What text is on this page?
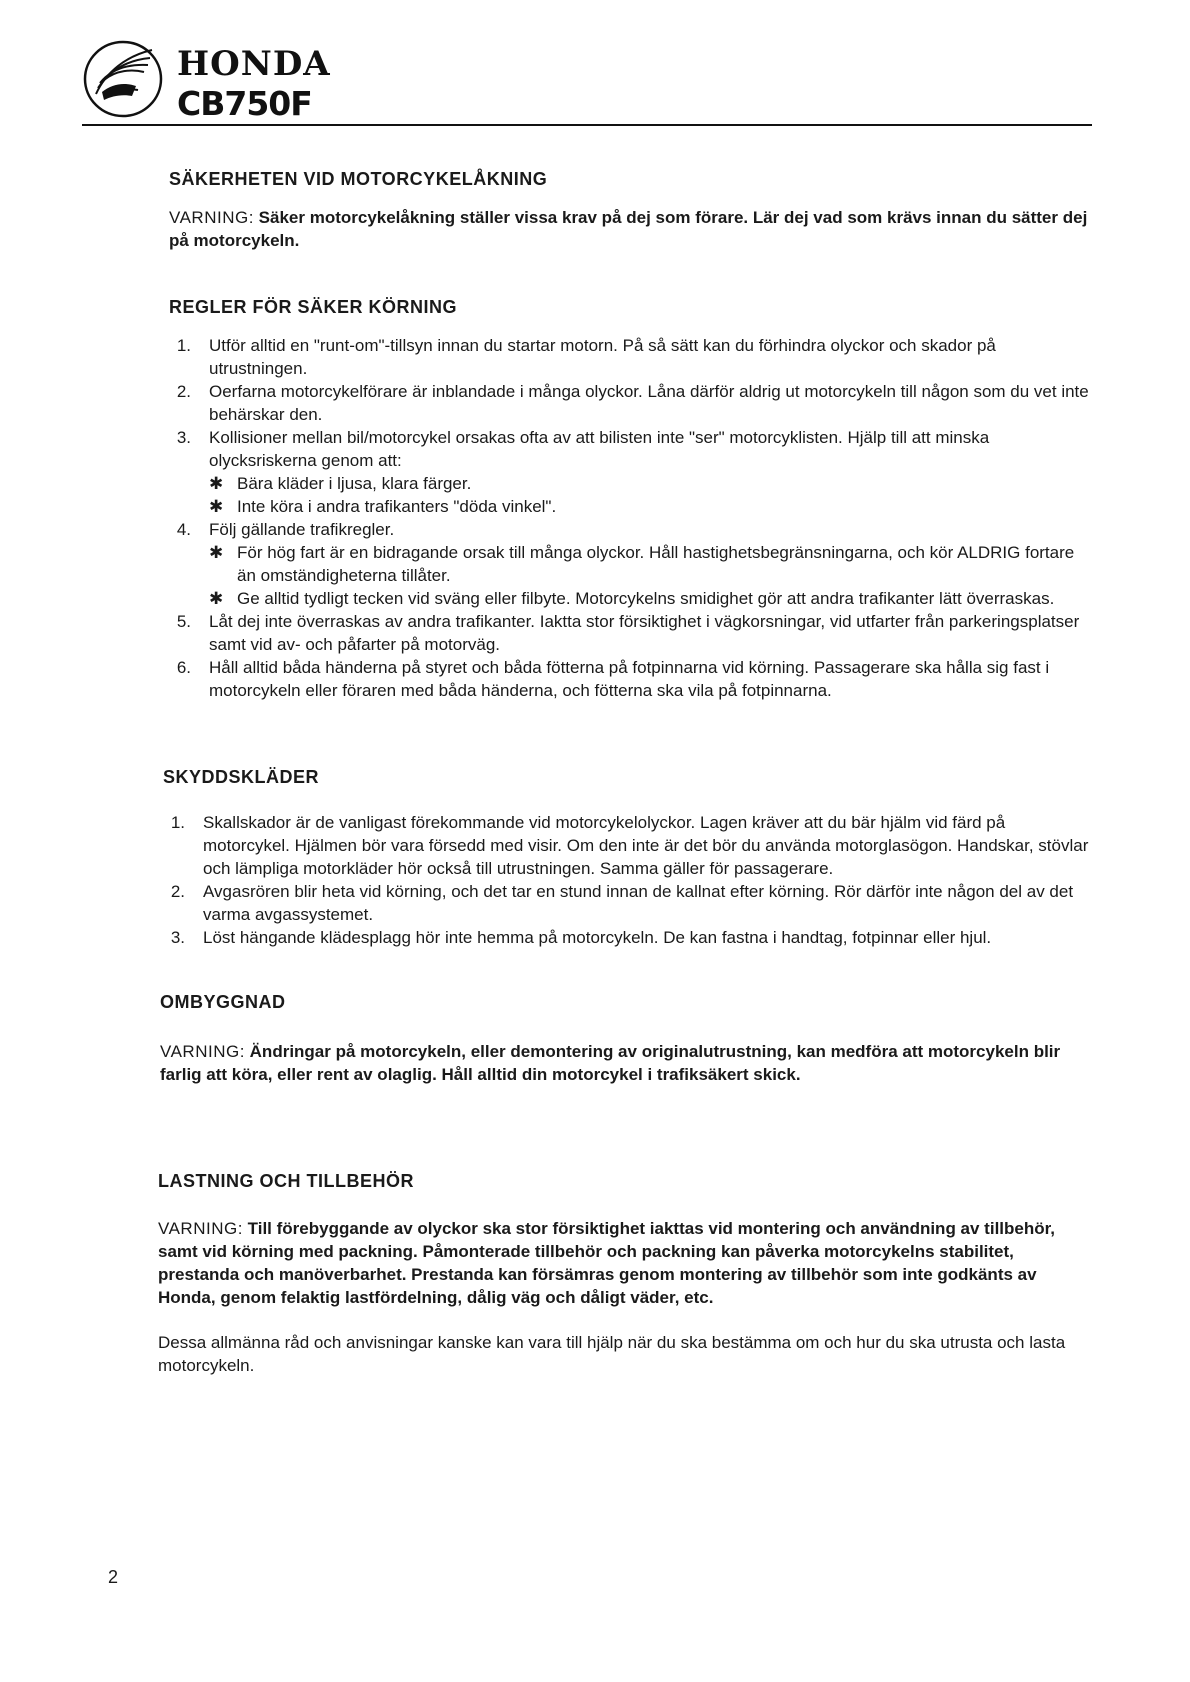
HONDA
CB750F
SÄKERHETEN VID MOTORCYKELÅKNING

VARNING: Säker motorcykelåkning ställer vissa krav på dej som förare. Lär dej vad som krävs innan du sätter dej på motorcykeln.

REGLER FÖR SÄKER KÖRNING
1. Utför alltid en "runt-om"-tillsyn innan du startar motorn. På så sätt kan du förhindra olyckor och skador på utrustningen.
2. Oerfarna motorcykelförare är inblandade i många olyckor. Låna därför aldrig ut motorcykeln till någon som du vet inte behärskar den.
3. Kollisioner mellan bil/motorcykel orsakas ofta av att bilisten inte "ser" motorcyklisten. Hjälp till att minska olycksriskerna genom att:
✱ Bära kläder i ljusa, klara färger.
✱ Inte köra i andra trafikanters "döda vinkel".
4. Följ gällande trafikregler.
✱ För hög fart är en bidragande orsak till många olyckor. Håll hastighetsbegränsningarna, och kör ALDRIG fortare än omständigheterna tillåter.
✱ Ge alltid tydligt tecken vid sväng eller filbyte. Motorcykelns smidighet gör att andra trafikanter lätt överraskas.
5. Låt dej inte överraskas av andra trafikanter. Iakttа stor försiktighet i vägkorsningar, vid utfarter från parkeringsplatser samt vid av- och påfarter på motorväg.
6. Håll alltid båda händerna på styret och båda fötterna på fotpinnarna vid körning. Passagerare ska hålla sig fast i motorcykeln eller föraren med båda händerna, och fötterna ska vila på fotpinnarna.
SKYDDSKLÄDER
1. Skallskador är de vanligast förekommande vid motorcykelolyckor. Lagen kräver att du bär hjälm vid färd på motorcykel. Hjälmen bör vara försedd med visir. Om den inte är det bör du använda motorglasögon. Handskar, stövlar och lämpliga motorkläder hör också till utrustningen. Samma gäller för passagerare.
2. Avgasrören blir heta vid körning, och det tar en stund innan de kallnat efter körning. Rör därför inte någon del av det varma avgassystemet.
3. Löst hängande klädesplagg hör inte hemma på motorcykeln. De kan fastna i handtag, fotpinnar eller hjul.
OMBYGGNAD

VARNING: Ändringar på motorcykeln, eller demontering av originalutrustning, kan medföra att motorcykeln blir farlig att köra, eller rent av olaglig. Håll alltid din motorcykel i trafiksäkert skick.

LASTNING OCH TILLBEHÖR

VARNING: Till förebyggande av olyckor ska stor försiktighet iakttas vid montering och användning av tillbehör, samt vid körning med packning. Påmonterade tillbehör och packning kan påverka motorcykelns stabilitet, prestanda och manöverbarhet. Prestanda kan försämras genom montering av tillbehör som inte godkänts av Honda, genom felaktig lastfördelning, dålig väg och dåligt väder, etc.

Dessa allmänna råd och anvisningar kanske kan vara till hjälp när du ska bestämma om och hur du ska utrusta och lasta motorcykeln.

2
